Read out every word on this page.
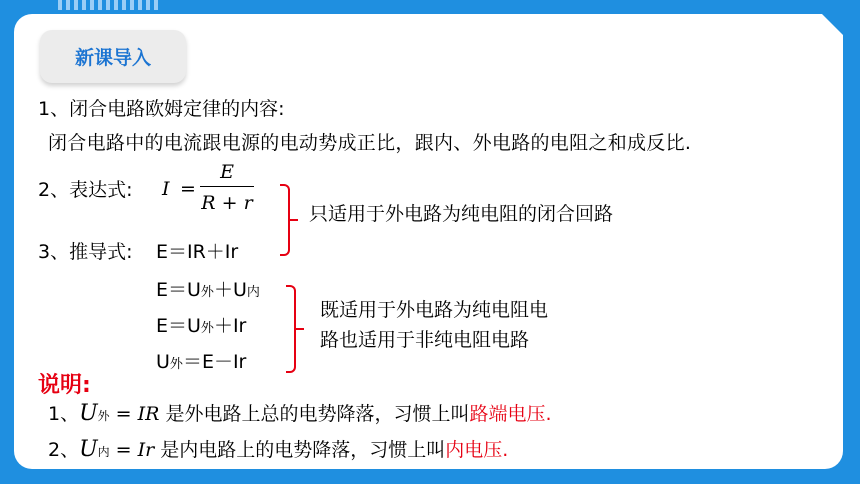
新课导入
1、闭合电路欧姆定律的内容:
闭合电路中的电流跟电源的电动势成正比，跟内、外电路的电阻之和成反比.
2、表达式: I =
E
R + r	只适用于外电路为纯电阻的闭合回路
3、推导式: E＝IR＋Ir
E＝U外＋U内
E＝U外＋Ir
U外＝E－Ir
既适用于外电路为纯电阻电
路也适用于非纯电阻电路
说明:
1、U外 = IR 是外电路上总的电势降落，习惯上叫路端电压.
2、U内 = Ir 是内电路上的电势降落，习惯上叫内电压.
